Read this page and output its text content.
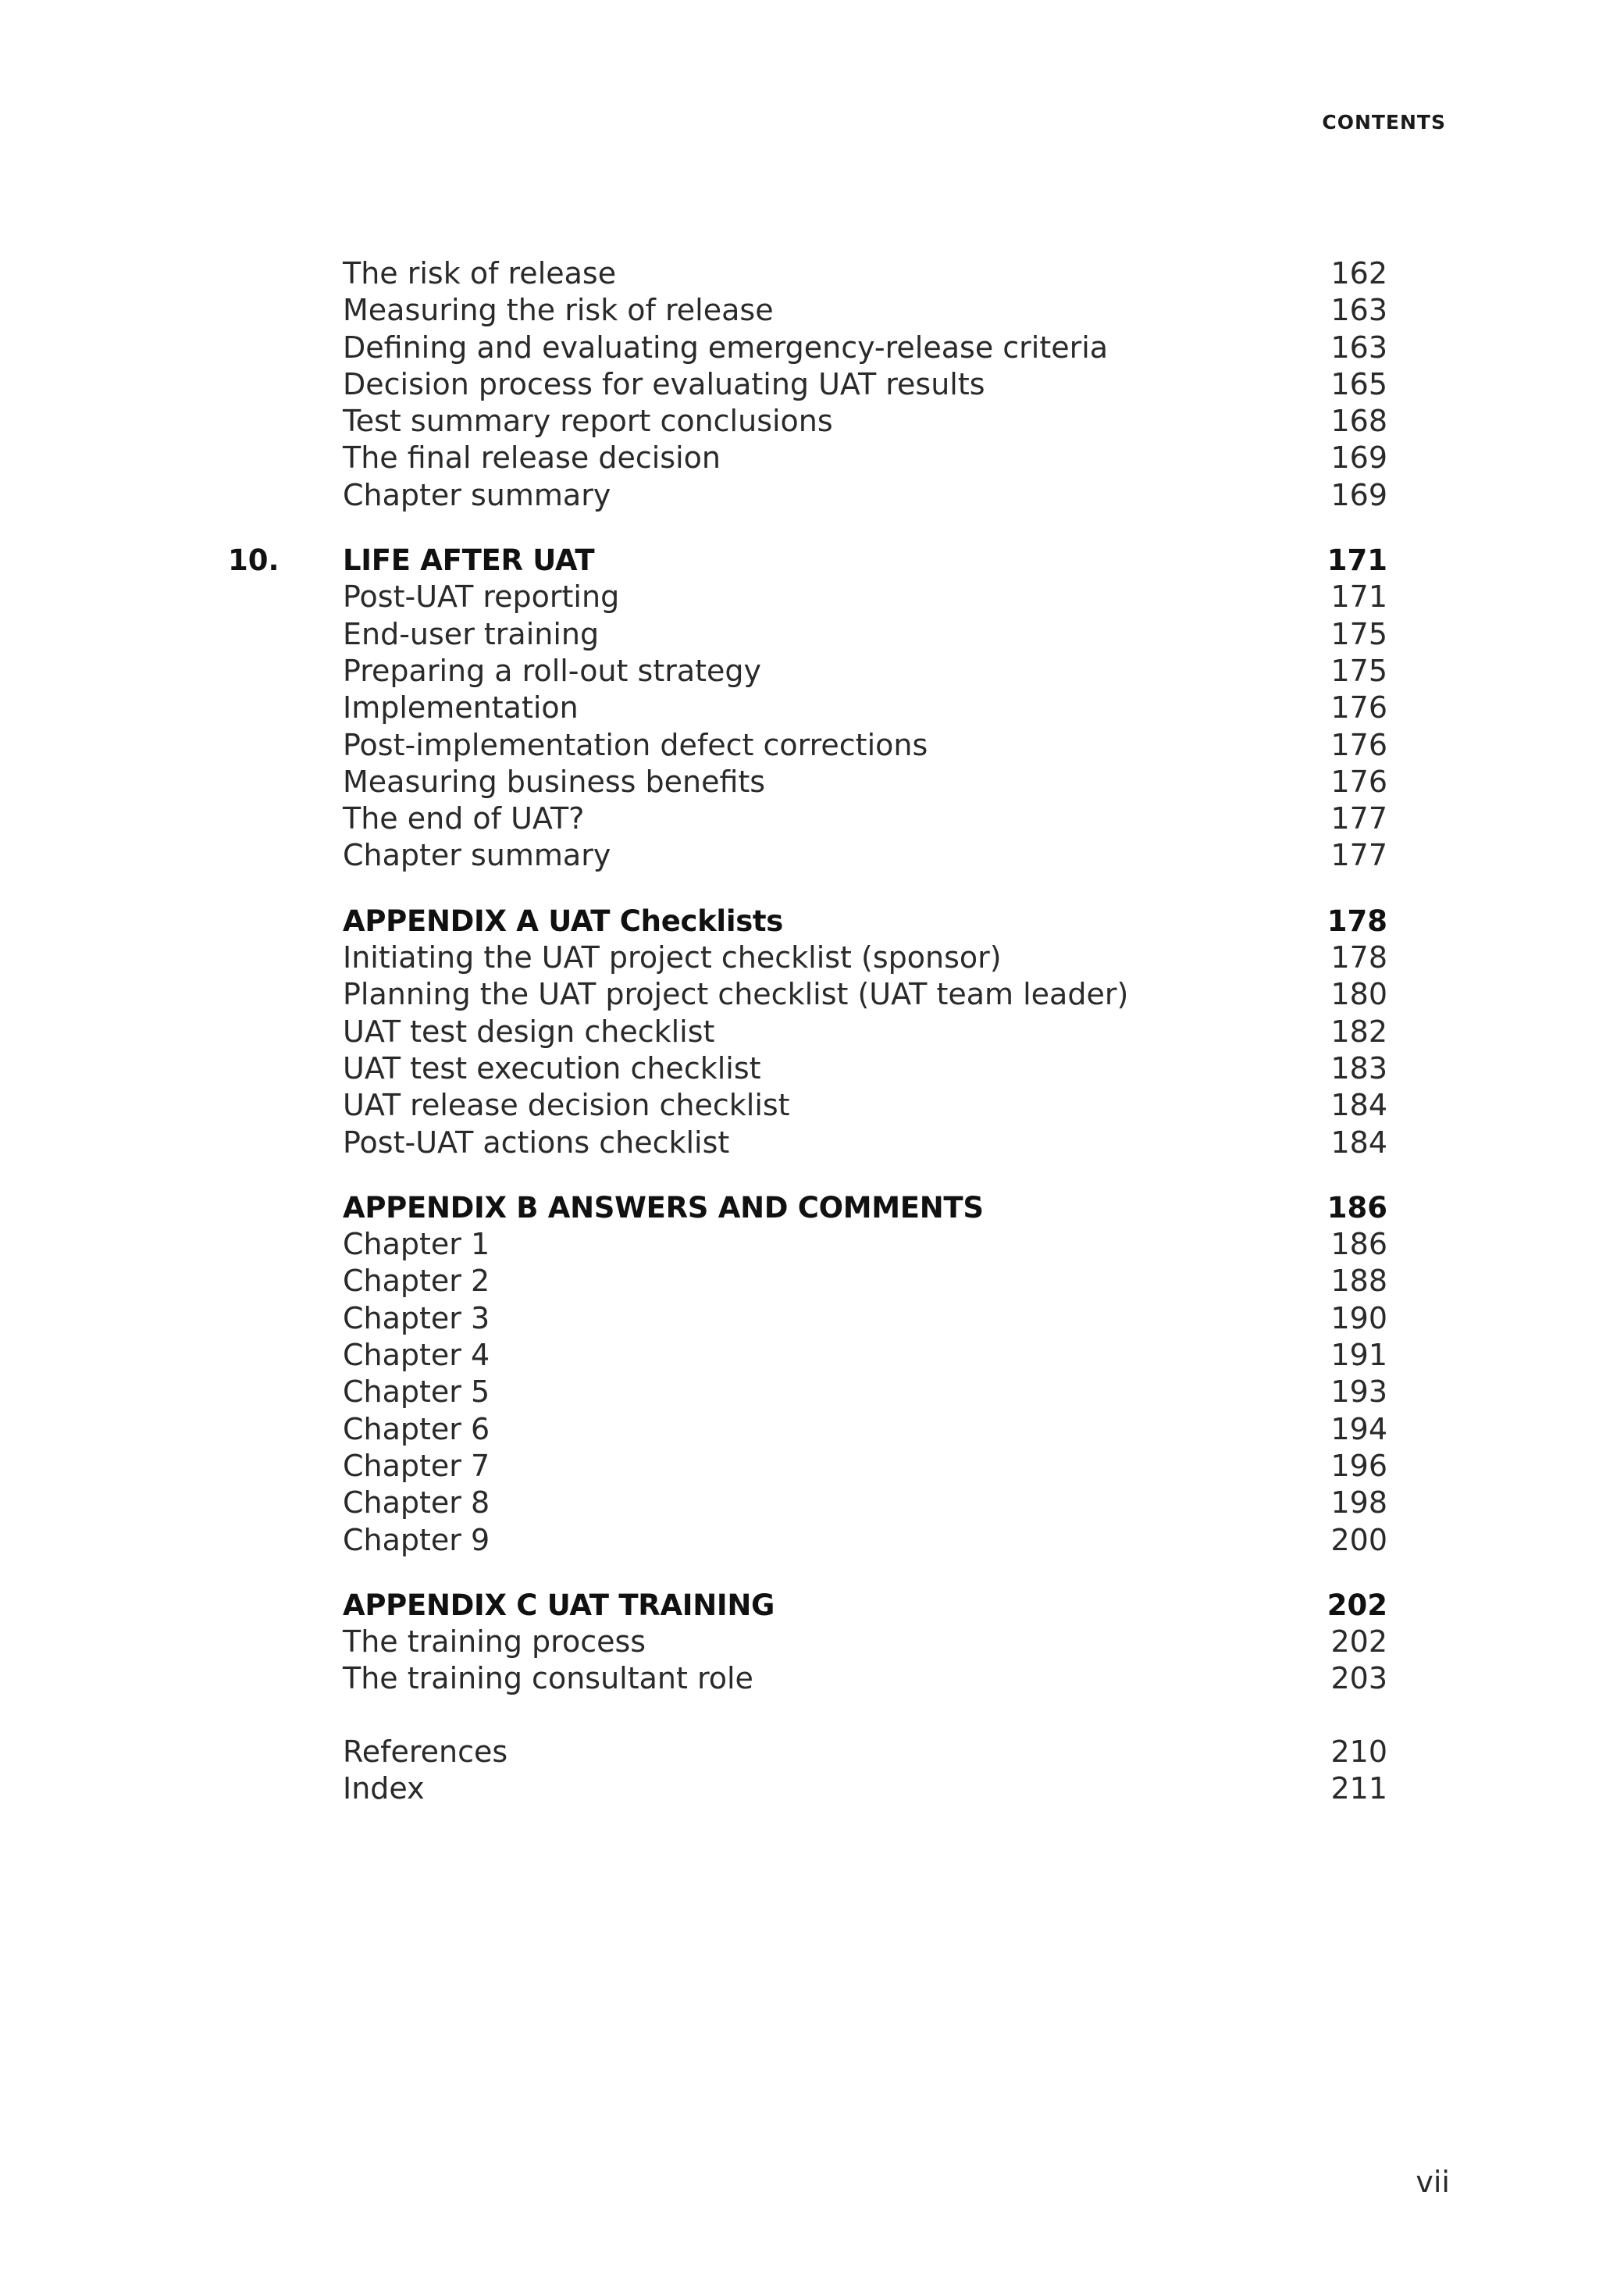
CONTENTS
The risk of release	162
Measuring the risk of release	163
Defining and evaluating emergency-release criteria	163
Decision process for evaluating UAT results	165
Test summary report conclusions	168
The final release decision	169
Chapter summary	169
10.	LIFE AFTER UAT	171
Post-UAT reporting	171
End-user training	175
Preparing a roll-out strategy	175
Implementation	176
Post-implementation defect corrections	176
Measuring business benefits	176
The end of UAT?	177
Chapter summary	177
APPENDIX A UAT Checklists	178
Initiating the UAT project checklist (sponsor)	178
Planning the UAT project checklist (UAT team leader)	180
UAT test design checklist	182
UAT test execution checklist	183
UAT release decision checklist	184
Post-UAT actions checklist	184
APPENDIX B ANSWERS AND COMMENTS	186
Chapter 1	186
Chapter 2	188
Chapter 3	190
Chapter 4	191
Chapter 5	193
Chapter 6	194
Chapter 7	196
Chapter 8	198
Chapter 9	200
APPENDIX C UAT TRAINING	202
The training process	202
The training consultant role	203
References	210
Index	211
vii
